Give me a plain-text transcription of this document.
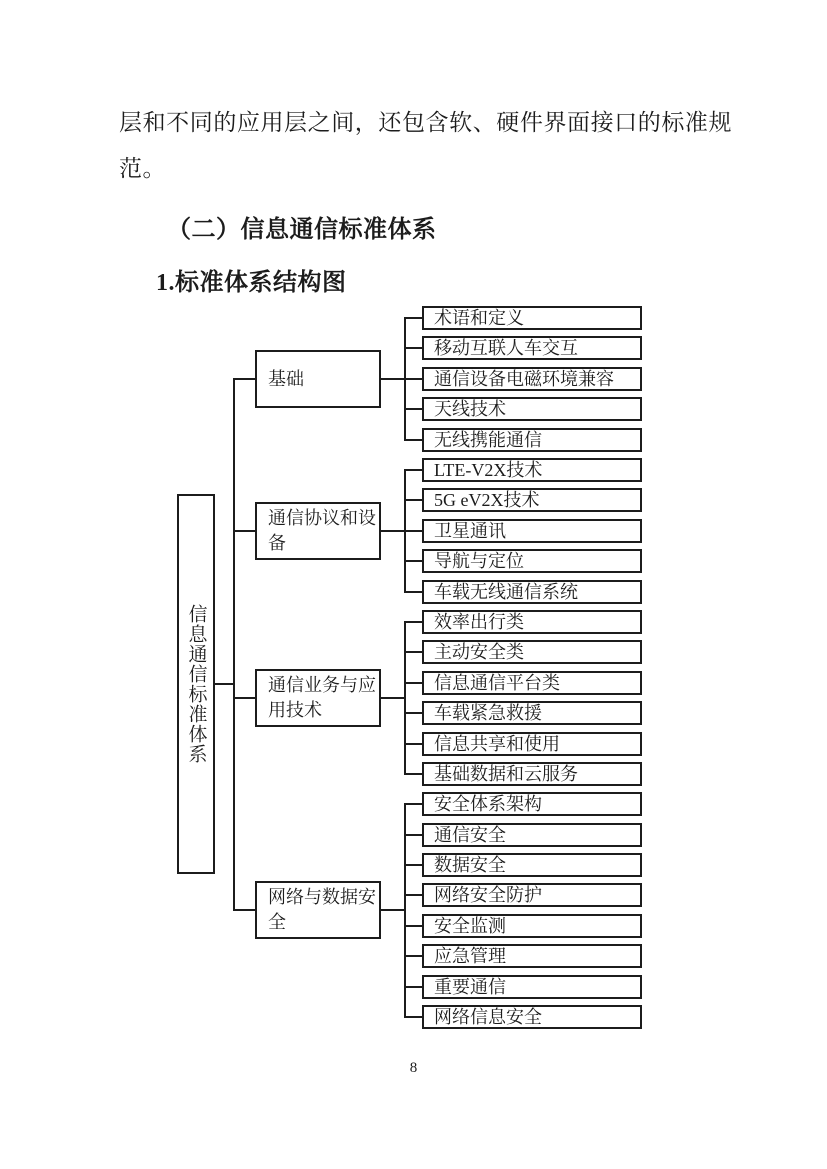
层和不同的应用层之间，还包含软、硬件界面接口的标准规
范。
（二）信息通信标准体系
1.标准体系结构图
信息通信标准体系
基础
通信协议和设备
通信业务与应用技术
网络与数据安全
术语和定义
移动互联人车交互
通信设备电磁环境兼容
天线技术
无线携能通信
LTE-V2X技术
5G eV2X技术
卫星通讯
导航与定位
车载无线通信系统
效率出行类
主动安全类
信息通信平台类
车载紧急救援
信息共享和使用
基础数据和云服务
安全体系架构
通信安全
数据安全
网络安全防护
安全监测
应急管理
重要通信
网络信息安全
8
